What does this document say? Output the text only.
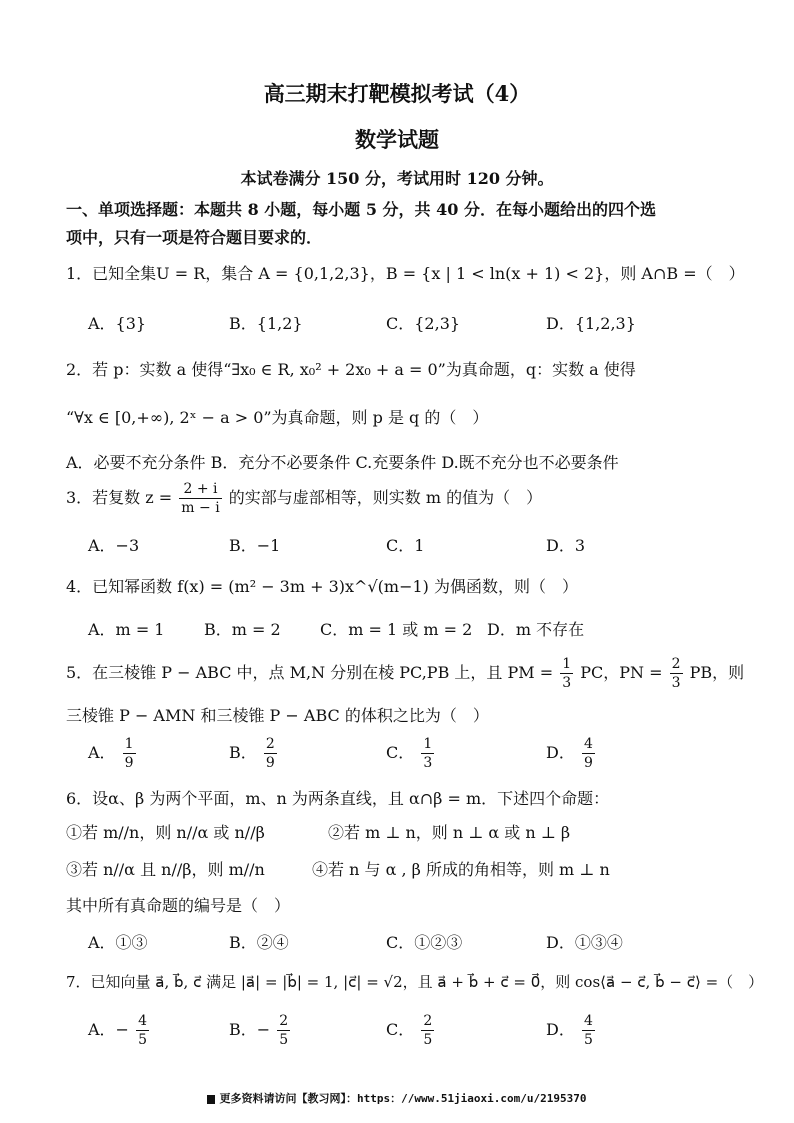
高三期末打靶模拟考试（4）
数学试题
本试卷满分 150 分，考试用时 120 分钟。
一、单项选择题：本题共 8 小题，每小题 5 分，共 40 分．在每小题给出的四个选
项中，只有一项是符合题目要求的．
1．已知全集U = R，集合 A = {0,1,2,3}，B = {x | 1 < ln(x + 1) < 2}，则 A∩B =（　）
A．{3}	B．{1,2}	C．{2,3}	D．{1,2,3}
2．若 p：实数 a 使得“∃x₀ ∈ R, x₀² + 2x₀ + a = 0”为真命题，q：实数 a 使得
“∀x ∈ [0,+∞), 2ˣ − a > 0”为真命题，则 p 是 q 的（　）
A．必要不充分条件 B．充分不必要条件 C.充要条件 D.既不充分也不必要条件
3．若复数 $z = \frac{2 + i}{m - i}$ 的实部与虚部相等，则实数 m 的值为（　）
A．−3	B．−1	C．1	D．3
4．已知幂函数 f(x) = (m² − 3m + 3)x^√(m−1) 为偶函数，则（　）
A．m = 1 B．m = 2 C．m = 1 或 m = 2 D．m 不存在
5．在三棱锥 P − ABC 中，点 M,N 分别在棱 PC,PB 上，且 PM = $\frac{1}{3}$ PC，PN = $\frac{2}{3}$ PB，则
三棱锥 P − AMN 和三棱锥 P − ABC 的体积之比为（　）
A． $\frac{1}{9}$	B． $\frac{2}{9}$	C． $\frac{1}{3}$	D． $\frac{4}{9}$
6．设α、β 为两个平面，m、n 为两条直线，且 α∩β = m．下述四个命题：
①若 m//n，则 n//α 或 n//β	②若 m ⊥ n，则 n ⊥ α 或 n ⊥ β
③若 n//α 且 n//β，则 m//n	④若 n 与 α , β 所成的角相等，则 m ⊥ n
其中所有真命题的编号是（　）
A．①③	B．②④	C．①②③	D．①③④
7．已知向量 a⃗, b⃗, c⃗ 满足 |a⃗| = |b⃗| = 1, |c⃗| = √2，且 a⃗ + b⃗ + c⃗ = 0⃗，则 cos⟨a⃗ − c⃗, b⃗ − c⃗⟩ =（　）
A．− $\frac{4}{5}$	B．− $\frac{2}{5}$	C． $\frac{2}{5}$	D． $\frac{4}{5}$
更多资料请访问【教习网】：https：//www.51jiaoxi.com/u/2195370
